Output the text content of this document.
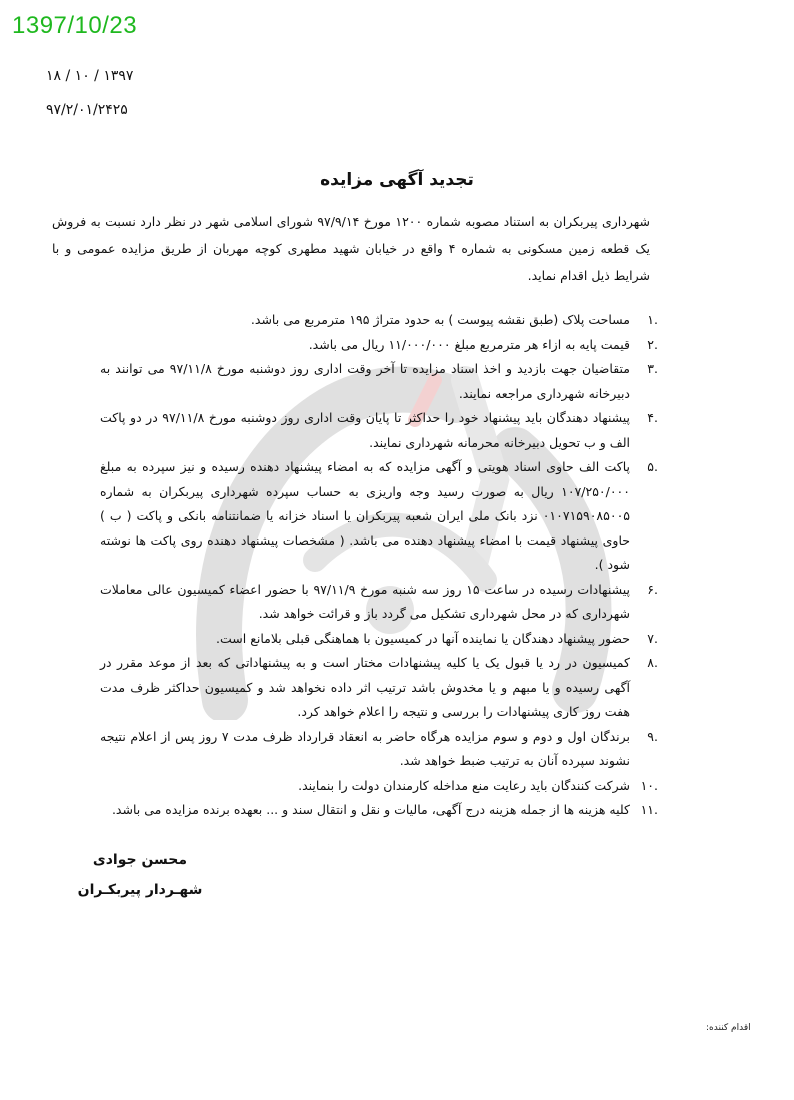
1397/10/23
۱۳۹۷ / ۱۰ / ۱۸
۹۷/۲/۰۱/۲۴۲۵
تجدید آگهی مزایده
شهرداری پیربکران به استناد مصوبه شماره ۱۲۰۰ مورخ ۹۷/۹/۱۴ شورای اسلامی شهر در نظر دارد نسبت به فروش یک قطعه زمین مسکونی به شماره ۴ واقع در خیابان شهید مطهری کوچه مهربان از طریق مزایده عمومی و با شرایط ذیل اقدام نماید.
.۱
مساحت پلاک (طبق نقشه پیوست ) به حدود متراژ ۱۹۵ مترمربع می باشد.
.۲
قیمت پایه به ازاء هر مترمربع مبلغ ۱۱/۰۰۰/۰۰۰ ریال می باشد.
.۳
متقاضیان جهت بازدید و اخذ اسناد مزایده تا آخر وقت اداری روز دوشنبه مورخ ۹۷/۱۱/۸ می توانند به دبیرخانه شهرداری مراجعه نمایند.
.۴
پیشنهاد دهندگان باید پیشنهاد خود را حداکثر تا پایان وقت اداری روز دوشنبه مورخ ۹۷/۱۱/۸ در دو پاکت الف و ب تحویل دبیرخانه محرمانه شهرداری نمایند.
.۵
پاکت الف حاوی اسناد هویتی و آگهی مزایده که به امضاء پیشنهاد دهنده رسیده و نیز سپرده به مبلغ ۱۰۷/۲۵۰/۰۰۰ ریال به صورت رسید وجه واریزی به حساب سپرده شهرداری پیربکران به شماره ۰۱۰۷۱۵۹۰۸۵۰۰۵ نزد بانک ملی ایران شعبه پیربکران یا اسناد خزانه یا ضمانتنامه بانکی و پاکت ( ب ) حاوی پیشنهاد قیمت با امضاء پیشنهاد دهنده می باشد. ( مشخصات پیشنهاد دهنده روی پاکت ها نوشته شود ).
.۶
پیشنهادات رسیده در ساعت ۱۵ روز سه شنبه مورخ ۹۷/۱۱/۹ با حضور اعضاء کمیسیون عالی معاملات شهرداری که در محل شهرداری تشکیل می گردد باز و قرائت خواهد شد.
.۷
حضور پیشنهاد دهندگان یا نماینده آنها در کمیسیون با هماهنگی قبلی بلامانع است.
.۸
کمیسیون در رد یا قبول یک یا کلیه پیشنهادات مختار است و به پیشنهاداتی که بعد از موعد مقرر در آگهی رسیده و یا مبهم و یا مخدوش باشد ترتیب اثر داده نخواهد شد و کمیسیون حداکثر ظرف مدت هفت روز کاری پیشنهادات را بررسی و نتیجه را اعلام خواهد کرد.
.۹
برندگان اول و دوم و سوم مزایده هرگاه حاضر به انعقاد قرارداد ظرف مدت ۷ روز پس از اعلام نتیجه نشوند سپرده آنان به ترتیب ضبط خواهد شد.
.۱۰
شرکت کنندگان باید رعایت منع مداخله کارمندان دولت را بنمایند.
.۱۱
کلیه هزینه ها از جمله هزینه درج آگهی، مالیات و نقل و انتقال سند و ... بعهده برنده مزایده می باشد.
محسن جوادی
شهـردار پیربکـران
اقدام کننده:
